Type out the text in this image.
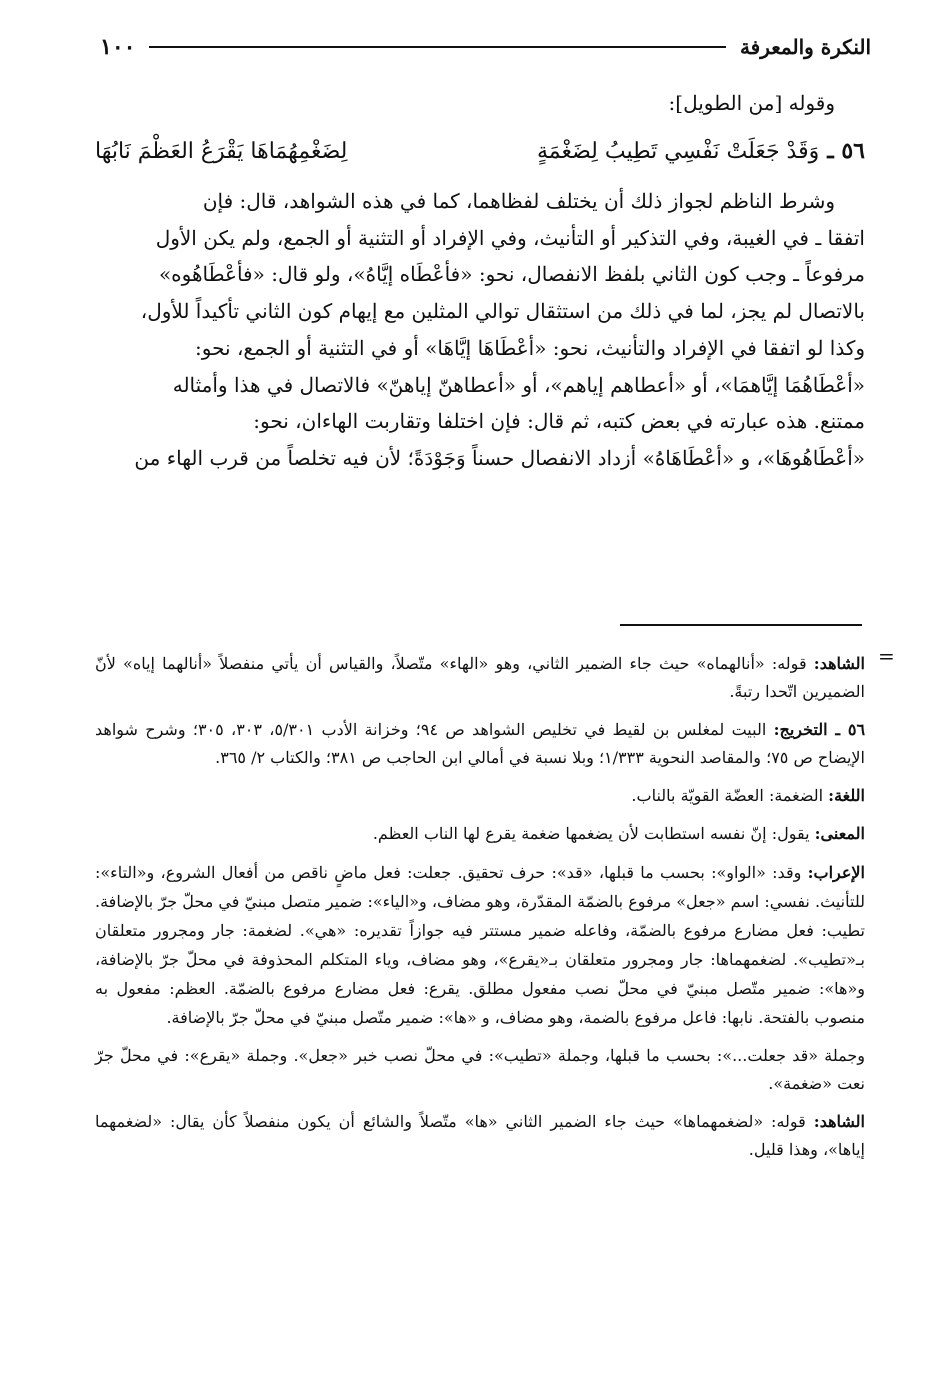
النكرة والمعرفة
١٠٠

وقوله [من الطويل]:

٥٦ ـ
وَقَدْ جَعَلَتْ نَفْسِي تَطِيبُ لِضَغْمَةٍ
لِضَغْمِهُمَاهَا يَقْرَعُ العَظْمَ نَابُهَا
وشرط الناظم لجواز ذلك أن يختلف لفظاهما، كما في هذه الشواهد، قال: فإن
اتفقا ـ في الغيبة، وفي التذكير أو التأنيث، وفي الإفراد أو التثنية أو الجمع، ولم يكن الأول
مرفوعاً ـ وجب كون الثاني بلفظ الانفصال، نحو: «فأعْطَاه إيَّاهُ»، ولو قال: «فأعْطَاهُوه»
بالاتصال لم يجز، لما في ذلك من استثقال توالي المثلين مع إيهام كون الثاني تأكيداً للأول،
وكذا لو اتفقا في الإفراد والتأنيث، نحو: «أعْطَاهَا إيَّاهَا» أو في التثنية أو الجمع، نحو:
«أعْطَاهُمَا إيَّاهمَا»، أو «أعطاهم إياهم»، أو «أعطاهنّ إياهنّ» فالاتصال في هذا وأمثاله
ممتنع. هذه عبارته في بعض كتبه، ثم قال: فإن اختلفا وتقاربت الهاءان، نحو:
«أعْطَاهُوهَا»، و «أعْطَاهَاهُ» أزداد الانفصال حسناً وَجَوْدَةً؛ لأن فيه تخلصاً من قرب الهاء من
=

الشاهد: قوله: «أنالهماه» حيث جاء الضمير الثاني، وهو «الهاء» متّصلاً، والقياس أن يأتي منفصلاً «أنالهما إياه» لأنّ الضميرين اتّحدا رتبةً.

٥٦ ـ التخريج: البيت لمغلس بن لقيط في تخليص الشواهد ص ٩٤؛ وخزانة الأدب ٥/٣٠١، ٣٠٣، ٣٠٥؛ وشرح شواهد الإيضاح ص ٧٥؛ والمقاصد النحوية ١/٣٣٣؛ وبلا نسبة في أمالي ابن الحاجب ص ٣٨١؛ والكتاب ٢/ ٣٦٥.

اللغة: الضغمة: العضّة القويّة بالناب.

المعنى: يقول: إنّ نفسه استطابت لأن يضغمها ضغمة يقرع لها الناب العظم.

الإعراب: وقد: «الواو»: بحسب ما قبلها، «قد»: حرف تحقيق. جعلت: فعل ماضٍ ناقص من أفعال الشروع، و«التاء»: للتأنيث. نفسي: اسم «جعل» مرفوع بالضمّة المقدّرة، وهو مضاف، و«الياء»: ضمير متصل مبنيّ في محلّ جرّ بالإضافة. تطيب: فعل مضارع مرفوع بالضمّة، وفاعله ضمير مستتر فيه جوازاً تقديره: «هي». لضغمة: جار ومجرور متعلقان بـ«تطيب». لضغمهماها: جار ومجرور متعلقان بـ«يقرع»، وهو مضاف، وياء المتكلم المحذوفة في محلّ جرّ بالإضافة، و«ها»: ضمير متّصل مبنيّ في محلّ نصب مفعول مطلق. يقرع: فعل مضارع مرفوع بالضمّة. العظم: مفعول به منصوب بالفتحة. نابها: فاعل مرفوع بالضمة، وهو مضاف، و «ها»: ضمير متّصل مبنيّ في محلّ جرّ بالإضافة.

وجملة «قد جعلت...»: بحسب ما قبلها، وجملة «تطيب»: في محلّ نصب خبر «جعل». وجملة «يقرع»: في محلّ جرّ نعت «ضغمة».

الشاهد: قوله: «لضغمهماها» حيث جاء الضمير الثاني «ها» متّصلاً والشائع أن يكون منفصلاً كأن يقال: «لضغمهما إياها»، وهذا قليل.
